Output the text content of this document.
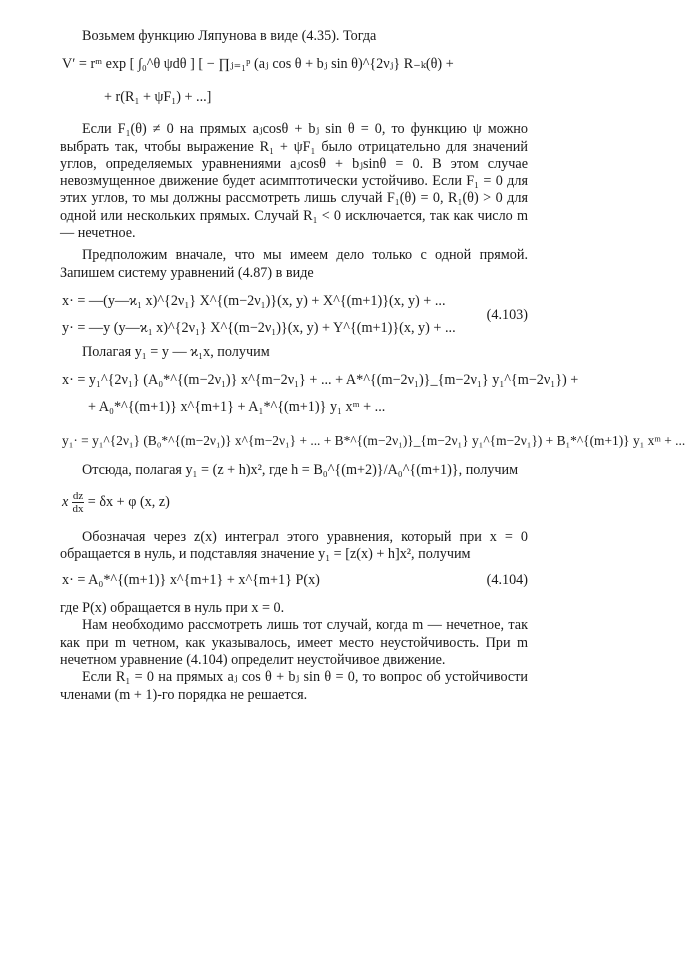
Возьмем функцию Ляпунова в виде (4.35). Тогда

V′ = rᵐ exp [ ∫₀^θ ψdθ ] [ − ∏ⱼ₌₁ᵖ (aⱼ cos θ + bⱼ sin θ)^{2νⱼ} R₋ₖ(θ) +
+ r(R₁ + ψF₁) + ...]

Если F₁(θ) ≠ 0 на прямых aⱼcosθ + bⱼ sin θ = 0, то функцию ψ можно выбрать так, чтобы выражение R₁ + ψF₁ было отрицательно для значений углов, определяемых уравнениями aⱼcosθ + bⱼsinθ = 0. В этом случае невозмущенное движение будет асимптотически устойчиво. Если F₁ = 0 для этих углов, то мы должны рассмотреть лишь случай F₁(θ) = 0, R₁(θ) > 0 для одной или нескольких прямых. Случай R₁ < 0 исключается, так как число m — нечетное.

Предположим вначале, что мы имеем дело только с одной прямой. Запишем систему уравнений (4.87) в виде

x· = —(y—ϰ₁ x)^{2ν₁} X^{(m−2ν₁)}(x, y) + X^{(m+1)}(x, y) + ...
y· = —y (y—ϰ₁ x)^{2ν₁} X^{(m−2ν₁)}(x, y) + Y^{(m+1)}(x, y) + ...
(4.103)

Полагая y₁ = y — ϰ₁x, получим

x· = y₁^{2ν₁} (A₀*^{(m−2ν₁)} x^{m−2ν₁} + ... + A*^{(m−2ν₁)}_{m−2ν₁} y₁^{m−2ν₁}) +
+ A₀*^{(m+1)} x^{m+1} + A₁*^{(m+1)} y₁ xᵐ + ...
y₁· = y₁^{2ν₁} (B₀*^{(m−2ν₁)} x^{m−2ν₁} + ... + B*^{(m−2ν₁)}_{m−2ν₁} y₁^{m−2ν₁}) + B₁*^{(m+1)} y₁ xᵐ + ...

Отсюда, полагая y₁ = (z + h)x², где h = B₀^{(m+2)}/A₀^{(m+1)}, получим

x $\frac{dz}{dx} = \delta x + \varphi$ (x, z)

Обозначая через z(x) интеграл этого уравнения, который при x = 0 обращается в нуль, и подставляя значение y₁ = [z(x) + h]x², получим

x· = A₀*^{(m+1)} x^{m+1} + x^{m+1} P(x)	(4.104)

где P(x) обращается в нуль при x = 0.

Нам необходимо рассмотреть лишь тот случай, когда m — нечетное, так как при m четном, как указывалось, имеет место неустойчивость. При m нечетном уравнение (4.104) определит неустойчивое движение.

Если R₁ = 0 на прямых aⱼ cos θ + bⱼ sin θ = 0, то вопрос об устойчивости членами (m + 1)-го порядка не решается.
